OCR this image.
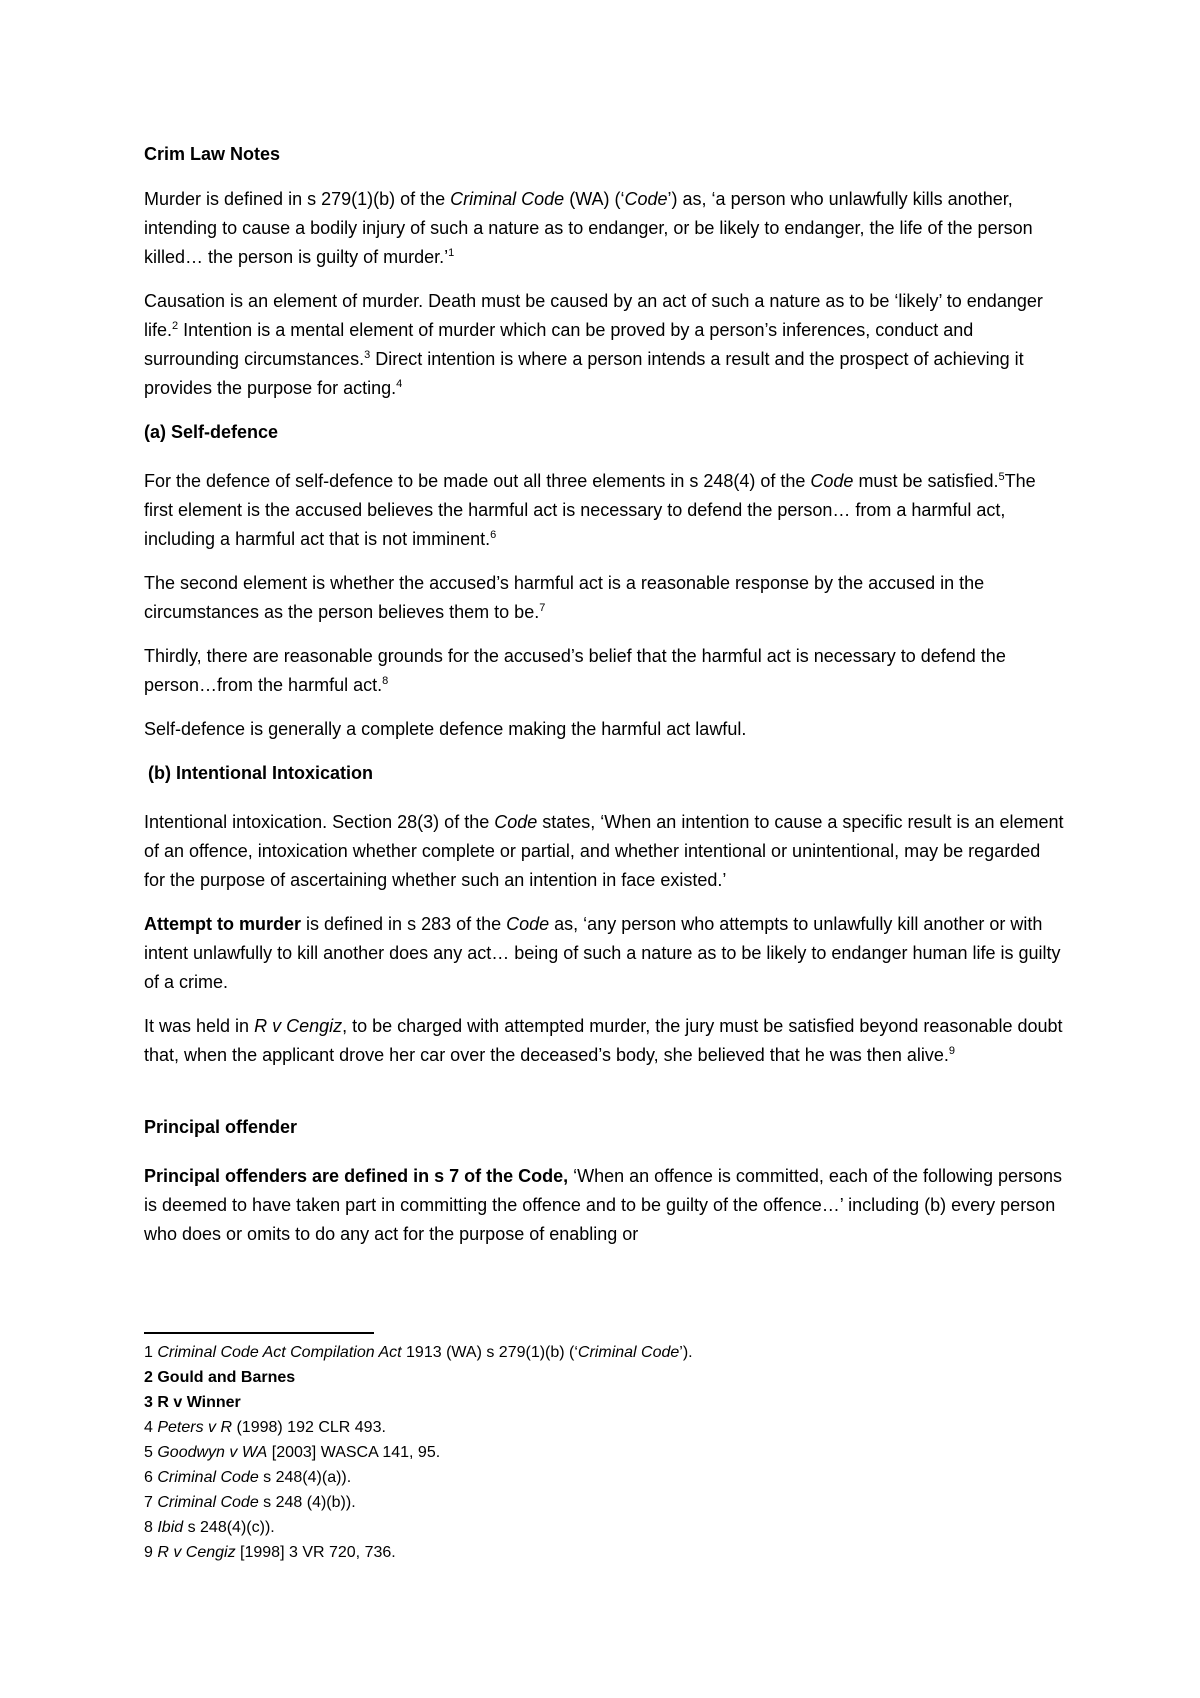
Crim Law Notes

Murder is defined in s 279(1)(b) of the Criminal Code (WA) (‘Code’) as, ‘a person who unlawfully kills another, intending to cause a bodily injury of such a nature as to endanger, or be likely to endanger, the life of the person killed… the person is guilty of murder.’$^1$

Causation is an element of murder. Death must be caused by an act of such a nature as to be ‘likely’ to endanger life.$^2$ Intention is a mental element of murder which can be proved by a person’s inferences, conduct and surrounding circumstances.$^3$ Direct intention is where a person intends a result and the prospect of achieving it provides the purpose for acting.$^4$

(a) Self-defence

For the defence of self-defence to be made out all three elements in s 248(4) of the Code must be satisfied.$^5$The first element is the accused believes the harmful act is necessary to defend the person… from a harmful act, including a harmful act that is not imminent.$^6$

The second element is whether the accused’s harmful act is a reasonable response by the accused in the circumstances as the person believes them to be.$^7$

Thirdly, there are reasonable grounds for the accused’s belief that the harmful act is necessary to defend the person…from the harmful act.$^8$

Self-defence is generally a complete defence making the harmful act lawful.

(b) Intentional Intoxication

Intentional intoxication. Section 28(3) of the Code states, ‘When an intention to cause a specific result is an element of an offence, intoxication whether complete or partial, and whether intentional or unintentional, may be regarded for the purpose of ascertaining whether such an intention in face existed.’

Attempt to murder is defined in s 283 of the Code as, ‘any person who attempts to unlawfully kill another or with intent unlawfully to kill another does any act… being of such a nature as to be likely to endanger human life is guilty of a crime.

It was held in R v Cengiz, to be charged with attempted murder, the jury must be satisfied beyond reasonable doubt that, when the applicant drove her car over the deceased’s body, she believed that he was then alive.$^9$

Principal offender

Principal offenders are defined in s 7 of the Code, ‘When an offence is committed, each of the following persons is deemed to have taken part in committing the offence and to be guilty of the offence…’ including (b) every person who does or omits to do any act for the purpose of enabling or

1 Criminal Code Act Compilation Act 1913 (WA) s 279(1)(b) (‘Criminal Code’).

2 Gould and Barnes

3 R v Winner

4 Peters v R (1998) 192 CLR 493.

5 Goodwyn v WA [2003] WASCA 141, 95.

6 Criminal Code s 248(4)(a)).

7 Criminal Code s 248 (4)(b)).

8 Ibid s 248(4)(c)).

9 R v Cengiz [1998] 3 VR 720, 736.
